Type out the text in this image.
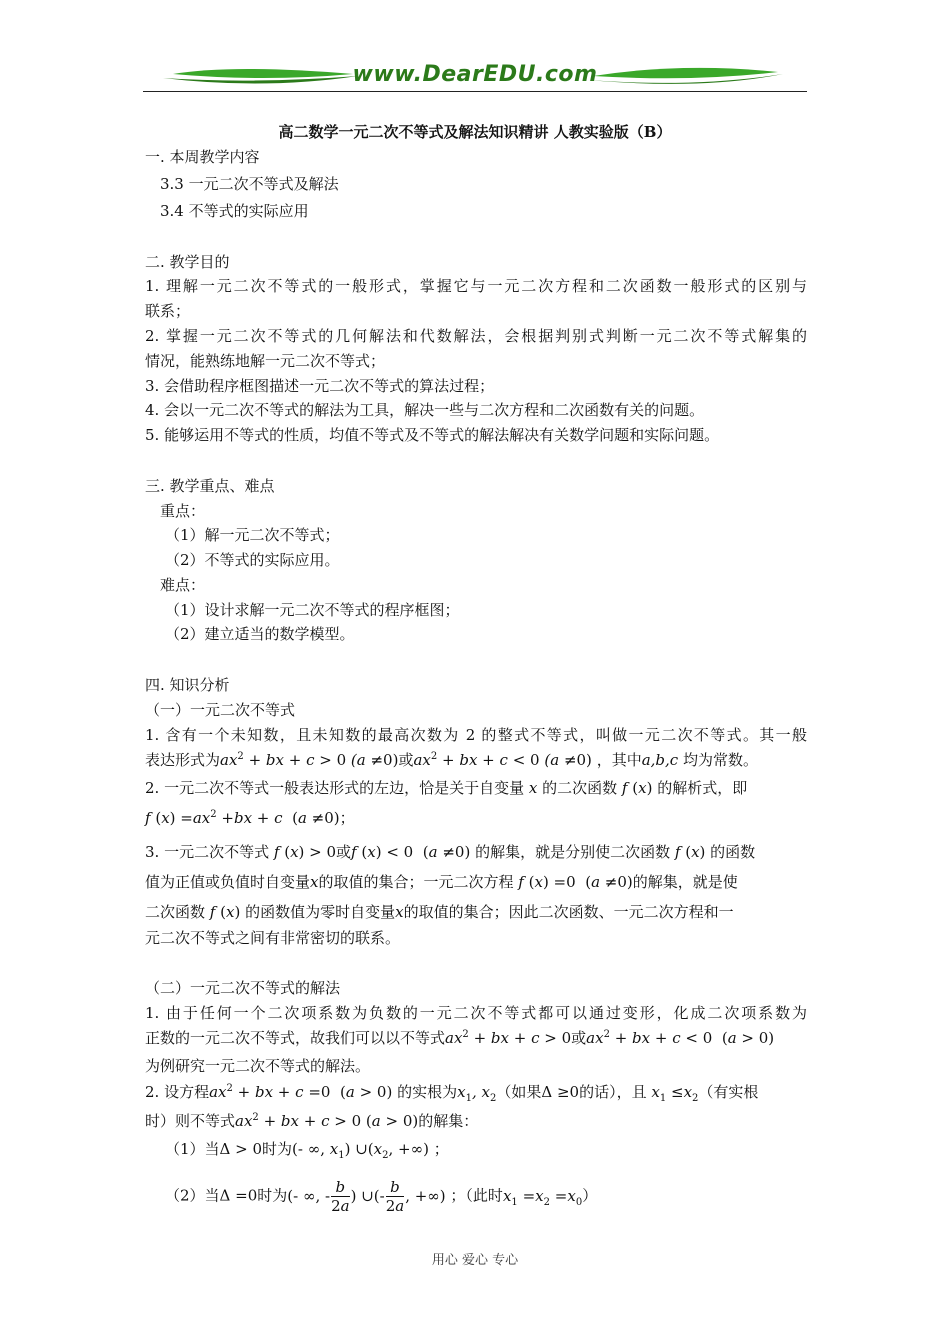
www.DearEDU.com
高二数学一元二次不等式及解法知识精讲 人教实验版（B）
一. 本周教学内容
3.3 一元二次不等式及解法
3.4 不等式的实际应用
二. 教学目的
1. 理解一元二次不等式的一般形式，掌握它与一元二次方程和二次函数一般形式的区别与
联系；
2. 掌握一元二次不等式的几何解法和代数解法，会根据判别式判断一元二次不等式解集的
情况，能熟练地解一元二次不等式；
3. 会借助程序框图描述一元二次不等式的算法过程；
4. 会以一元二次不等式的解法为工具，解决一些与二次方程和二次函数有关的问题。
5. 能够运用不等式的性质，均值不等式及不等式的解法解决有关数学问题和实际问题。
三. 教学重点、难点
重点：
（1）解一元二次不等式；
（2）不等式的实际应用。
难点：
（1）设计求解一元二次不等式的程序框图；
（2）建立适当的数学模型。
四. 知识分析
（一）一元二次不等式
1. 含有一个未知数，且未知数的最高次数为 2 的整式不等式，叫做一元二次不等式。其一般
表达形式为$ax^2$ + bx + c > 0 (a ≠0)或$ax^2$ + bx + c < 0 (a ≠0) ，其中a,b,c 均为常数。
2. 一元二次不等式一般表达形式的左边，恰是关于自变量 x 的二次函数 f (x) 的解析式，即
f $(x) =ax^2 +bx + c$  (a ≠0)；
3. 一元二次不等式 f (x) > 0或f (x) < 0 (a ≠0) 的解集，就是分别使二次函数 f (x) 的函数
值为正值或负值时自变量x的取值的集合；一元二次方程 f (x) =0 (a ≠0)的解集，就是使
二次函数 f (x) 的函数值为零时自变量x的取值的集合；因此二次函数、一元二次方程和一
元二次不等式之间有非常密切的联系。
（二）一元二次不等式的解法
1. 由于任何一个二次项系数为负数的一元二次不等式都可以通过变形，化成二次项系数为
正数的一元二次不等式，故我们可以以不等式$ax^2$ + bx + c > 0或$ax^2$ + bx + c < 0 (a > 0)
为例研究一元二次不等式的解法。
2. 设方程$ax^2$ + bx + c =0 (a > 0) 的实根为$x_1$, $x_2$（如果Δ ≥0的话），且 $x_1 \le x_2$（有实根
时）则不等式$ax^2$ + bx + c > 0 (a > 0)的解集：
（1）当Δ > 0时为(- ∞, $x_1$) $\cup(x_2$, +∞) ；
（2）当Δ =0时为(- ∞, - $\frac{b}{2a}$ ) ∪(- $\frac{b}{2a}$ , +∞) ；（此时$x_1 =x_2 =x_0$）
用心 爱心 专心
